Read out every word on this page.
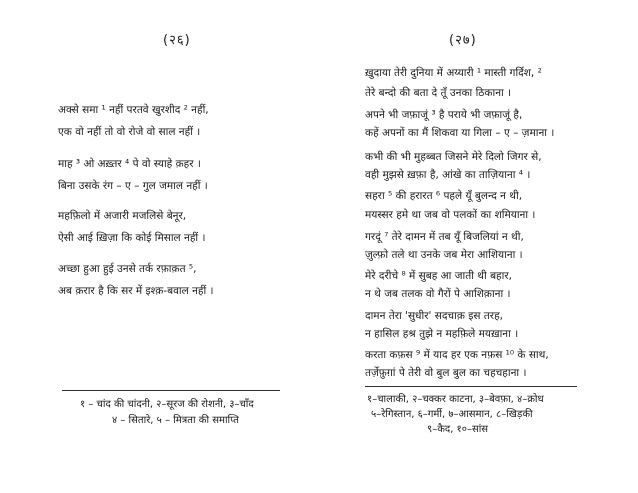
(२६)
अक्से समा ¹ नहीं परतवे खुरशीद ² नहीं,
एक वो नहीं तो वो रोजे वो साल नहीं ।
माह ³ ओ अख़्तर ⁴ पे वो स्याहे क़हर ।
बिना उसके रंग – ए – गुल जमाल नहीं ।
महफ़िलो में अजारी मजलिसे बेनूर,
ऐसी आई ख़िज़ा कि कोई मिसाल नहीं ।
अच्छा हुआ हुई उनसे तर्क रफ़ाक़त ⁵,
अब क़रार है कि सर में इश्क़-बवाल नहीं ।
१ – चांद की चांदनी, २–सूरज की रोशनी, ३–चाँद
४ – सितारे, ५ – मित्रता की समाप्ति
(२७)
ख़ुदाया तेरी दुनिया में अय्यारी ¹ मास्ती गर्दिश, ²
तेरे बन्दो की बता दे तूँ उनका ठिकाना ।
अपने भी जफ़ाजूं ³ है पराये भी जफ़ाजूं है,
कहें अपनों का मैं शिकवा या गिला – ए – ज़माना ।
कभी की भी मुहब्बत जिसने मेरे दिलो जिगर से,
वही मुझसे ख़फ़ा है, आंखे का ताज़ियाना ⁴ ।
सहरा ⁵ की हरारत ⁶ पहले यूँ बुलन्द न थी,
मयस्सर हमे था जब वो पलकों का शमियाना ।
गरदूं ⁷ तेरे दामन में तब यूँ बिजलियां न थी,
ज़ुल्फ़ो तले था उनके जब मेरा आशियाना ।
मेरे दरीचे ⁸ में सुबह आ जाती थी बहार,
न थे जब तलक वो गैरों पे आशिक़ाना ।
दामन तेरा 'सुधीर' सदचाक़ इस तरह,
न हासिल हश्र तुझे न महफ़िले मयख़ाना ।
करता कफ़स ⁹ में याद हर एक नफ़स ¹⁰ के साथ,
तर्ज़ेफ़ुग़ां पे तेरी वो बुल बुल का चहचहाना ।
१–चालाकी, २–चक्कर काटना, ३–बेवफ़ा, ४–क्रोध
५–रेगिस्तान, ६–गर्मी, ७–आसमान, ८–खिड़की
९–कैद, १०–सांस
